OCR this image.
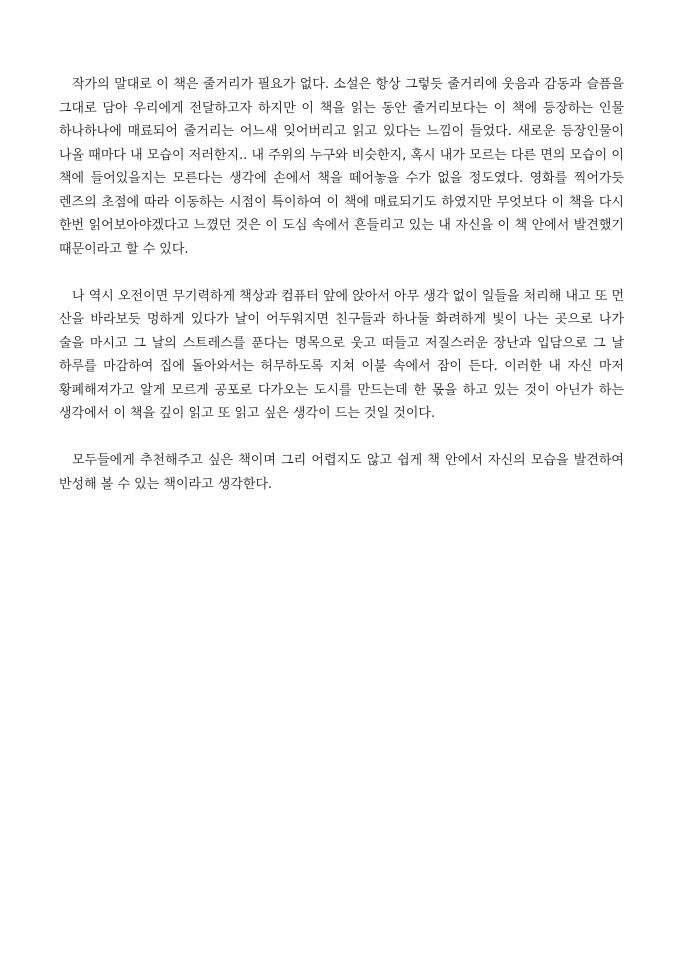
작가의 말대로 이 책은 줄거리가 필요가 없다. 소설은 항상 그렇듯 줄거리에 웃음과 감동과 슬픔을 그대로 담아 우리에게 전달하고자 하지만 이 책을 읽는 동안 줄거리보다는 이 책에 등장하는 인물 하나하나에 매료되어 줄거리는 어느새 잊어버리고 읽고 있다는 느낌이 들었다. 새로운 등장인물이 나올 때마다 내 모습이 저러한지.. 내 주위의 누구와 비슷한지, 혹시 내가 모르는 다른 면의 모습이 이 책에 들어있을지는 모른다는 생각에 손에서 책을 떼어놓을 수가 없을 정도였다. 영화를 찍어가듯 렌즈의 초점에 따라 이동하는 시점이 특이하여 이 책에 매료되기도 하였지만 무엇보다 이 책을 다시 한번 읽어보아야겠다고 느꼈던 것은 이 도심 속에서 흔들리고 있는 내 자신을 이 책 안에서 발견했기 때문이라고 할 수 있다.

나 역시 오전이면 무기력하게 책상과 컴퓨터 앞에 앉아서 아무 생각 없이 일들을 처리해 내고 또 먼 산을 바라보듯 멍하게 있다가 날이 어두워지면 친구들과 하나둘 화려하게 빛이 나는 곳으로 나가 술을 마시고 그 날의 스트레스를 푼다는 명목으로 웃고 떠들고 저질스러운 장난과 입담으로 그 날 하루를 마감하여 집에 돌아와서는 허무하도록 지쳐 이불 속에서 잠이 든다. 이러한 내 자신 마저 황폐해져가고 알게 모르게 공포로 다가오는 도시를 만드는데 한 몫을 하고 있는 것이 아닌가 하는 생각에서 이 책을 깊이 읽고 또 읽고 싶은 생각이 드는 것일 것이다.

모두들에게 추천해주고 싶은 책이며 그리 어렵지도 않고 쉽게 책 안에서 자신의 모습을 발견하여 반성해 볼 수 있는 책이라고 생각한다.
